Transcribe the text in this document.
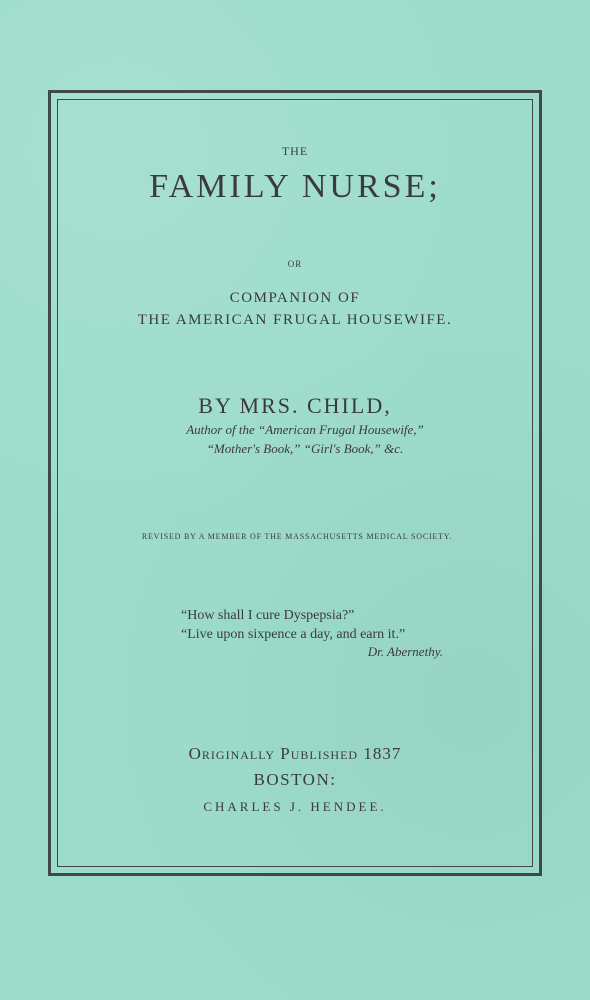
THE
FAMILY NURSE;
OR
COMPANION OF
THE AMERICAN FRUGAL HOUSEWIFE.
BY MRS. CHILD,
Author of the “American Frugal Housewife,”
“Mother's Book,” “Girl's Book,” &c.
REVISED BY A MEMBER OF THE MASSACHUSETTS MEDICAL SOCIETY.
“How shall I cure Dyspepsia?”
“Live upon sixpence a day, and earn it.”
Dr. Abernethy.
Originally Published 1837
BOSTON:
CHARLES J. HENDEE.
